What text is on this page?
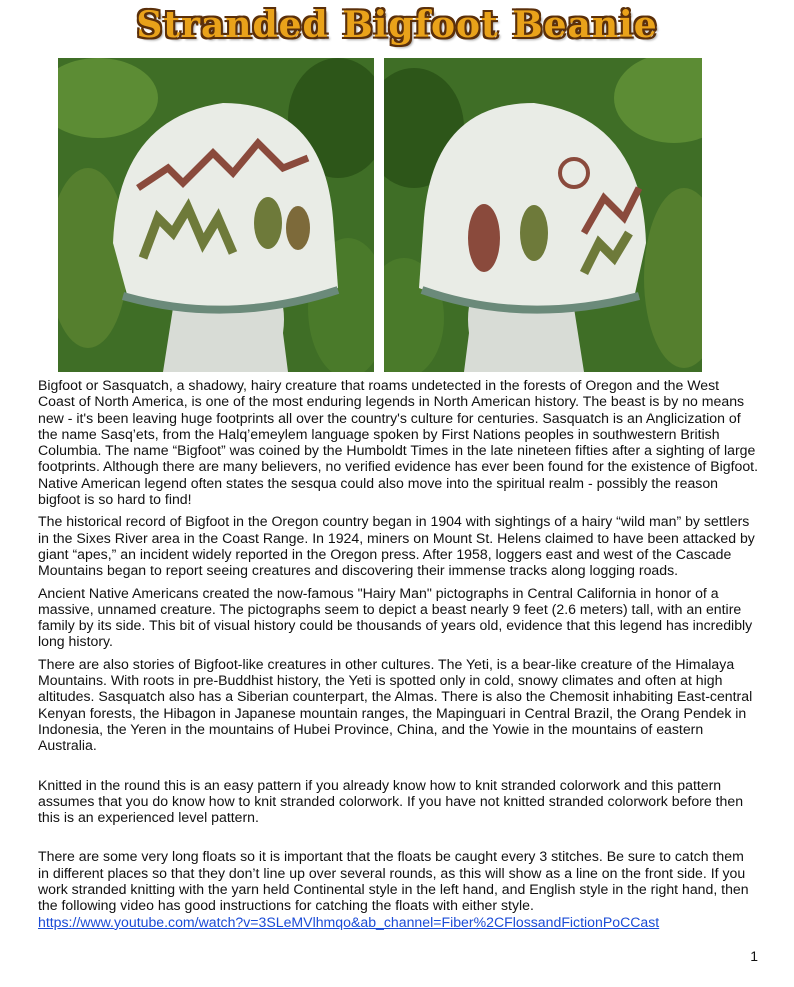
Stranded Bigfoot Beanie

Bigfoot or Sasquatch, a shadowy, hairy creature that roams undetected in the forests of Oregon and the West Coast of North America, is one of the most enduring legends in North American history. The beast is by no means new - it's been leaving huge footprints all over the country's culture for centuries. Sasquatch is an Anglicization of the name Sasq’ets, from the Halq’emeylem language spoken by First Nations peoples in southwestern British Columbia. The name “Bigfoot” was coined by the Humboldt Times in the late nineteen fifties after a sighting of large footprints. Although there are many believers, no verified evidence has ever been found for the existence of Bigfoot. Native American legend often states the sesqua could also move into the spiritual realm - possibly the reason bigfoot is so hard to find!

The historical record of Bigfoot in the Oregon country began in 1904 with sightings of a hairy “wild man” by settlers in the Sixes River area in the Coast Range. In 1924, miners on Mount St. Helens claimed to have been attacked by giant “apes,” an incident widely reported in the Oregon press. After 1958, loggers east and west of the Cascade Mountains began to report seeing creatures and discovering their immense tracks along logging roads.

Ancient Native Americans created the now-famous "Hairy Man" pictographs in Central California in honor of a massive, unnamed creature. The pictographs seem to depict a beast nearly 9 feet (2.6 meters) tall, with an entire family by its side. This bit of visual history could be thousands of years old, evidence that this legend has incredibly long history.

There are also stories of Bigfoot-like creatures in other cultures. The Yeti, is a bear-like creature of the Himalaya Mountains. With roots in pre-Buddhist history, the Yeti is spotted only in cold, snowy climates and often at high altitudes. Sasquatch also has a Siberian counterpart, the Almas. There is also the Chemosit inhabiting East-central Kenyan forests, the Hibagon in Japanese mountain ranges, the Mapinguari in Central Brazil, the Orang Pendek in Indonesia, the Yeren in the mountains of Hubei Province, China, and the Yowie in the mountains of eastern Australia.

Knitted in the round this is an easy pattern if you already know how to knit stranded colorwork and this pattern assumes that you do know how to knit stranded colorwork. If you have not knitted stranded colorwork before then this is an experienced level pattern.

There are some very long floats so it is important that the floats be caught every 3 stitches. Be sure to catch them in different places so that they don’t line up over several rounds, as this will show as a line on the front side. If you work stranded knitting with the yarn held Continental style in the left hand, and English style in the right hand, then the following video has good instructions for catching the floats with either style.
https://www.youtube.com/watch?v=3SLeMVlhmqo&ab_channel=Fiber%2CFlossandFictionPoCCast

1
